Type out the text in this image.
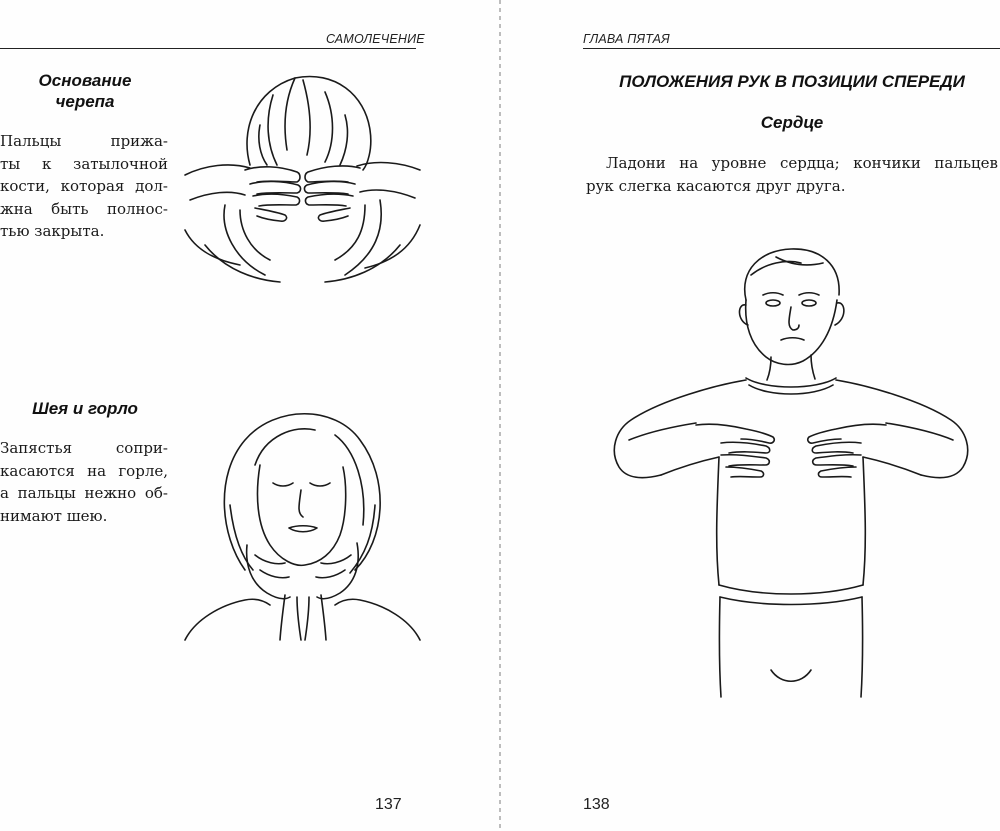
САМОЛЕЧЕНИЕ
Основание
черепа
Пальцы прижа-
ты к затылочной
кости, которая дол-
жна быть полнос-
тью закрыта.
Шея и горло
Запястья сопри-
касаются на горле,
а пальцы нежно об-
нимают шею.
137
ГЛАВА ПЯТАЯ
ПОЛОЖЕНИЯ РУК В ПОЗИЦИИ СПЕРЕДИ
Сердце
Ладони на уровне сердца; кончики пальцев
рук слегка касаются друг друга.
138
